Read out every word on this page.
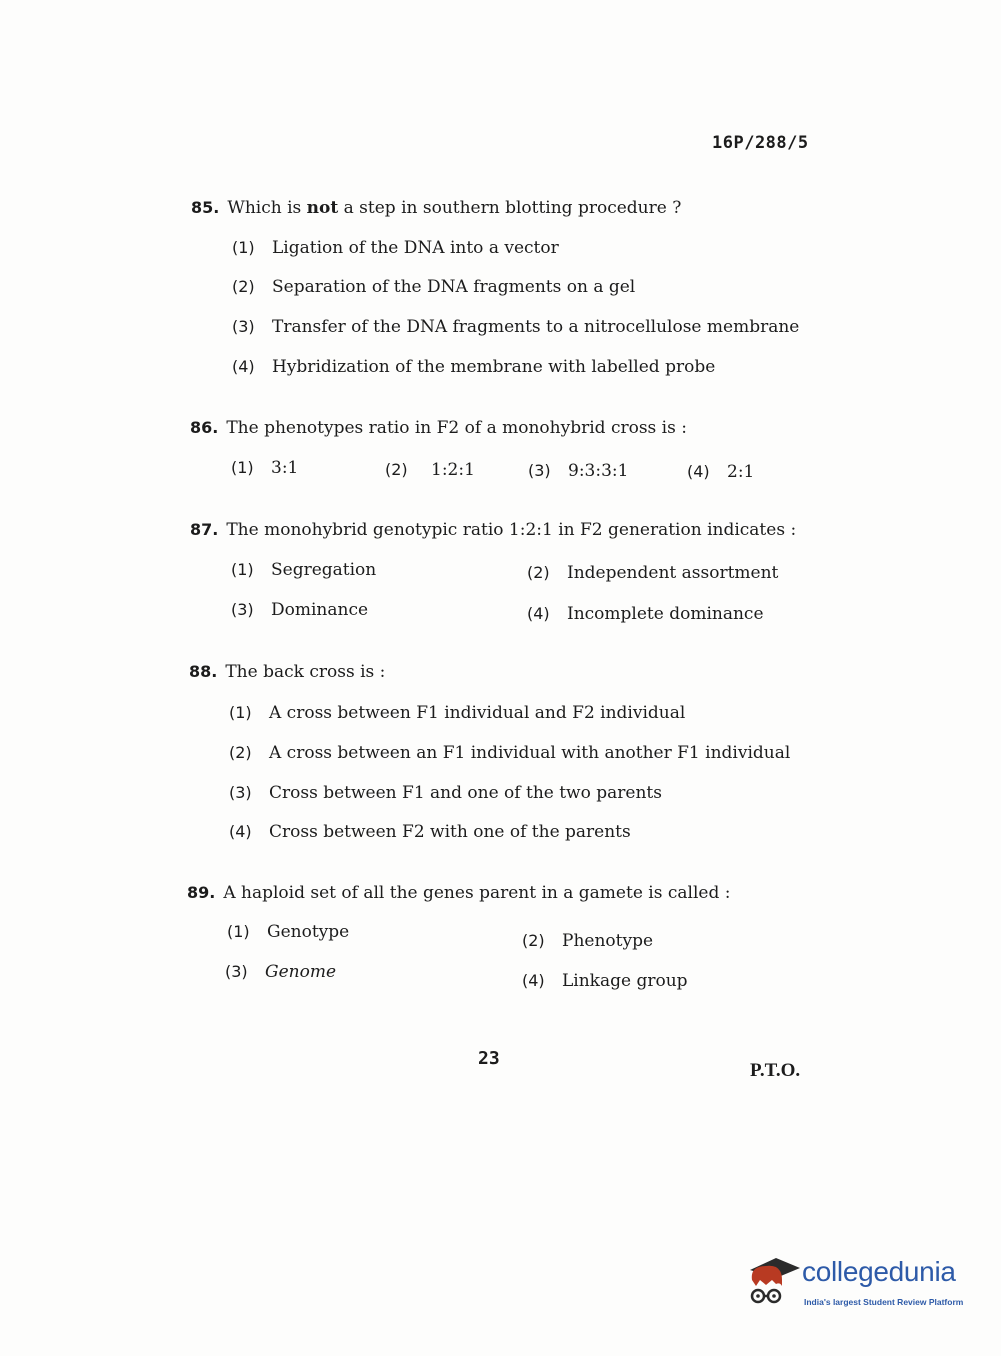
16P/288/5
85. Which is not a step in southern blotting procedure ?
(1) Ligation of the DNA into a vector
(2) Separation of the DNA fragments on a gel
(3) Transfer of the DNA fragments to a nitrocellulose membrane
(4) Hybridization of the membrane with labelled probe
86. The phenotypes ratio in F2 of a monohybrid cross is :
(1) 3:1	(2) 1:2:1	(3) 9:3:3:1	(4) 2:1
87. The monohybrid genotypic ratio 1:2:1 in F2 generation indicates :
(1) Segregation	(2) Independent assortment
(3) Dominance	(4) Incomplete dominance
88. The back cross is :
(1) A cross between F1 individual and F2 individual
(2) A cross between an F1 individual with another F1 individual
(3) Cross between F1 and one of the two parents
(4) Cross between F2 with one of the parents
89. A haploid set of all the genes parent in a gamete is called :
(1) Genotype	(2) Phenotype
(3) Genome	(4) Linkage group
23
P.T.O.
collegedunia
India's largest Student Review Platform
